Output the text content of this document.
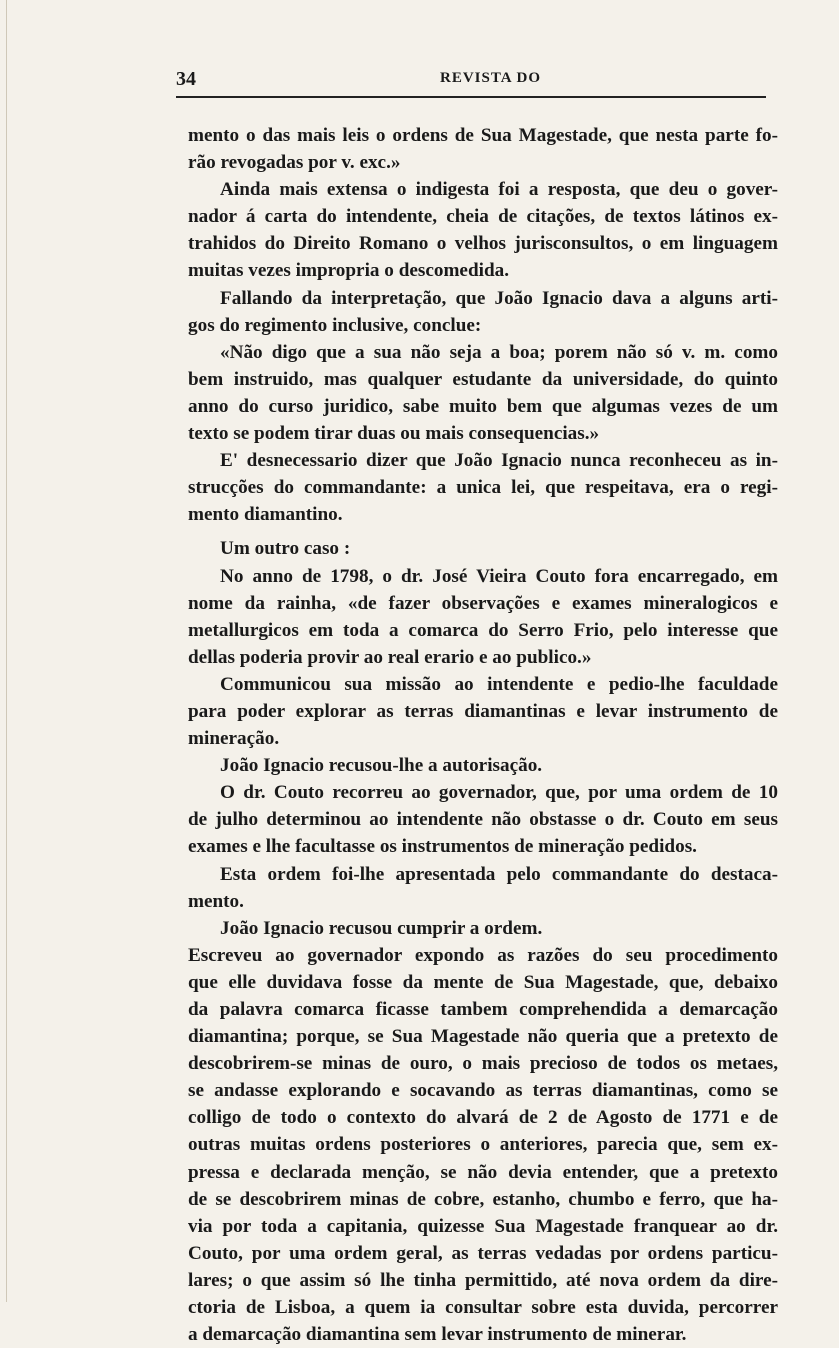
34	REVISTA DO

mento o das mais leis o ordens de Sua Magestade, que nesta parte fo-
rão revogadas por v. exc.»

Ainda mais extensa o indigesta foi a resposta, que deu o gover-
nador á carta do intendente, cheia de citações, de textos látinos ex-
trahidos do Direito Romano o velhos jurisconsultos, o em linguagem
muitas vezes impropria o descomedida.

Fallando da interpretação, que João Ignacio dava a alguns arti-
gos do regimento inclusive, conclue:

«Não digo que a sua não seja a boa; porem não só v. m. como
bem instruido, mas qualquer estudante da universidade, do quinto
anno do curso juridico, sabe muito bem que algumas vezes de um
texto se podem tirar duas ou mais consequencias.»

E' desnecessario dizer que João Ignacio nunca reconheceu as in-
strucções do commandante: a unica lei, que respeitava, era o regi-
mento diamantino.

Um outro caso :

No anno de 1798, o dr. José Vieira Couto fora encarregado, em
nome da rainha, «de fazer observações e exames mineralogicos e
metallurgicos em toda a comarca do Serro Frio, pelo interesse que
dellas poderia provir ao real erario e ao publico.»

Communicou sua missão ao intendente e pedio-lhe faculdade
para poder explorar as terras diamantinas e levar instrumento de
mineração.

João Ignacio recusou-lhe a autorisação.

O dr. Couto recorreu ao governador, que, por uma ordem de 10
de julho determinou ao intendente não obstasse o dr. Couto em seus
exames e lhe facultasse os instrumentos de mineração pedidos.

Esta ordem foi-lhe apresentada pelo commandante do destaca-
mento.

João Ignacio recusou cumprir a ordem.

Escreveu ao governador expondo as razões do seu procedimento
que elle duvidava fosse da mente de Sua Magestade, que, debaixo
da palavra comarca ficasse tambem comprehendida a demarcação
diamantina; porque, se Sua Magestade não queria que a pretexto de
descobrirem-se minas de ouro, o mais precioso de todos os metaes,
se andasse explorando e socavando as terras diamantinas, como se
colligo de todo o contexto do alvará de 2 de Agosto de 1771 e de
outras muitas ordens posteriores o anteriores, parecia que, sem ex-
pressa e declarada menção, se não devia entender, que a pretexto
de se descobrirem minas de cobre, estanho, chumbo e ferro, que ha-
via por toda a capitania, quizesse Sua Magestade franquear ao dr.
Couto, por uma ordem geral, as terras vedadas por ordens particu-
lares; o que assim só lhe tinha permittido, até nova ordem da dire-
ctoria de Lisboa, a quem ia consultar sobre esta duvida, percorrer
a demarcação diamantina sem levar instrumento de minerar.
